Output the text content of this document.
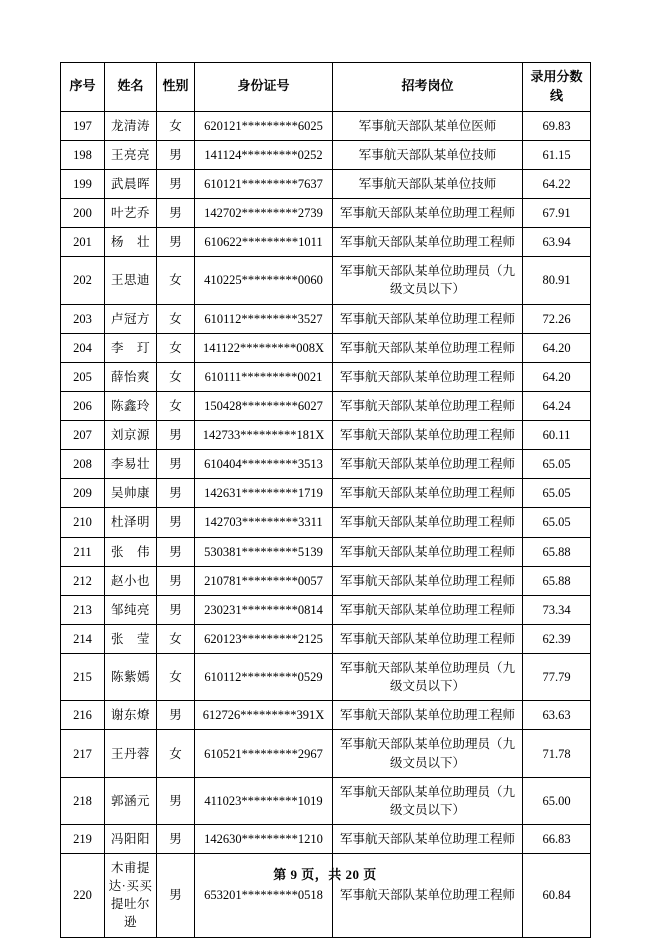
序号	姓名	性别	身份证号	招考岗位	录用分数线
197	龙清涛	女	620121*********6025	军事航天部队某单位医师	69.83
198	王亮亮	男	141124*********0252	军事航天部队某单位技师	61.15
199	武晨晖	男	610121*********7637	军事航天部队某单位技师	64.22
200	叶艺乔	男	142702*********2739	军事航天部队某单位助理工程师	67.91
201	杨　壮	男	610622*********1011	军事航天部队某单位助理工程师	63.94
202	王思迪	女	410225*********0060	军事航天部队某单位助理员（九级文员以下）	80.91
203	卢冠方	女	610112*********3527	军事航天部队某单位助理工程师	72.26
204	李　玎	女	141122*********008X	军事航天部队某单位助理工程师	64.20
205	薛怡爽	女	610111*********0021	军事航天部队某单位助理工程师	64.20
206	陈鑫玲	女	150428*********6027	军事航天部队某单位助理工程师	64.24
207	刘京源	男	142733*********181X	军事航天部队某单位助理工程师	60.11
208	李易壮	男	610404*********3513	军事航天部队某单位助理工程师	65.05
209	吴帅康	男	142631*********1719	军事航天部队某单位助理工程师	65.05
210	杜泽明	男	142703*********3311	军事航天部队某单位助理工程师	65.05
211	张　伟	男	530381*********5139	军事航天部队某单位助理工程师	65.88
212	赵小也	男	210781*********0057	军事航天部队某单位助理工程师	65.88
213	邹纯亮	男	230231*********0814	军事航天部队某单位助理工程师	73.34
214	张　莹	女	620123*********2125	军事航天部队某单位助理工程师	62.39
215	陈紫嫣	女	610112*********0529	军事航天部队某单位助理员（九级文员以下）	77.79
216	谢东燎	男	612726*********391X	军事航天部队某单位助理工程师	63.63
217	王丹蓉	女	610521*********2967	军事航天部队某单位助理员（九级文员以下）	71.78
218	郭涵元	男	411023*********1019	军事航天部队某单位助理员（九级文员以下）	65.00
219	冯阳阳	男	142630*********1210	军事航天部队某单位助理工程师	66.83
220	木甫提达·买买提吐尔逊	男	653201*********0518	军事航天部队某单位助理工程师	60.84
第 9 页，共 20 页
